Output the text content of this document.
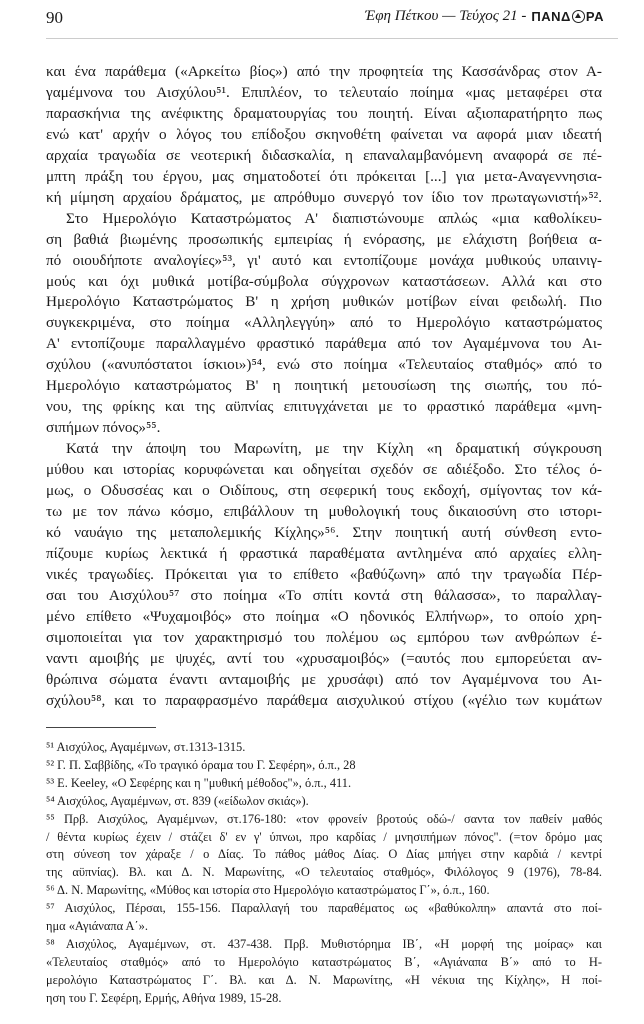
90	Έφη Πέτκου — Τεύχος 21 - ΠΑΝΔ ΡΑ
και ένα παράθεμα («Αρκείτω βίος») από την προφητεία της Κασσάνδρας στον Α-
γαμέμνονα του Αισχύλου⁵¹. Επιπλέον, το τελευταίο ποίημα «μας μεταφέρει στα
παρασκήνια της ανέφικτης δραματουργίας του ποιητή. Είναι αξιοπαρατήρητο πως
ενώ κατ' αρχήν ο λόγος του επίδοξου σκηνοθέτη φαίνεται να αφορά μιαν ιδεατή
αρχαία τραγωδία σε νεοτερική διδασκαλία, η επαναλαμβανόμενη αναφορά σε πέ-
μπτη πράξη του έργου, μας σηματοδοτεί ότι πρόκειται [...] για μετα-Αναγεννησια-
κή μίμηση αρχαίου δράματος, με απρόθυμο συνεργό τον ίδιο τον πρωταγωνιστή»⁵².
Στο Ημερολόγιο Καταστρώματος Α' διαπιστώνουμε απλώς «μια καθολίκευ-
ση βαθιά βιωμένης προσωπικής εμπειρίας ή ενόρασης, με ελάχιστη βοήθεια α-
πό οιουδήποτε αναλογίες»⁵³, γι' αυτό και εντοπίζουμε μονάχα μυθικούς υπαινιγ-
μούς και όχι μυθικά μοτίβα-σύμβολα σύγχρονων καταστάσεων. Αλλά και στο
Ημερολόγιο Καταστρώματος Β' η χρήση μυθικών μοτίβων είναι φειδωλή. Πιο
συγκεκριμένα, στο ποίημα «Αλληλεγγύη» από το Ημερολόγιο καταστρώματος
Α' εντοπίζουμε παραλλαγμένο φραστικό παράθεμα από τον Αγαμέμνονα του Αι-
σχύλου («ανυπόστατοι ίσκιοι»)⁵⁴, ενώ στο ποίημα «Τελευταίος σταθμός» από το
Ημερολόγιο καταστρώματος Β' η ποιητική μετουσίωση της σιωπής, του πό-
νου, της φρίκης και της αϋπνίας επιτυγχάνεται με το φραστικό παράθεμα «μνη-
σιπήμων πόνος»⁵⁵.
Κατά την άποψη του Μαρωνίτη, με την Κίχλη «η δραματική σύγκρουση
μύθου και ιστορίας κορυφώνεται και οδηγείται σχεδόν σε αδιέξοδο. Στο τέλος ό-
μως, ο Οδυσσέας και ο Οιδίπους, στη σεφερική τους εκδοχή, σμίγοντας τον κά-
τω με τον πάνω κόσμο, επιβάλλουν τη μυθολογική τους δικαιοσύνη στο ιστορι-
κό ναυάγιο της μεταπολεμικής Κίχλης»⁵⁶. Στην ποιητική αυτή σύνθεση εντο-
πίζουμε κυρίως λεκτικά ή φραστικά παραθέματα αντλημένα από αρχαίες ελλη-
νικές τραγωδίες. Πρόκειται για το επίθετο «βαθύζωνη» από την τραγωδία Πέρ-
σαι του Αισχύλου⁵⁷ στο ποίημα «Το σπίτι κοντά στη θάλασσα», το παραλλαγ-
μένο επίθετο «Ψυχαμοιβός» στο ποίημα «Ο ηδονικός Ελπήνωρ», το οποίο χρη-
σιμοποιείται για τον χαρακτηρισμό του πολέμου ως εμπόρου των ανθρώπων έ-
ναντι αμοιβής με ψυχές, αντί του «χρυσαμοιβός» (=αυτός που εμπορεύεται αν-
θρώπινα σώματα έναντι ανταμοιβής με χρυσάφι) από τον Αγαμέμνονα του Αι-
σχύλου⁵⁸, και το παραφρασμένο παράθεμα αισχυλικού στίχου («γέλιο των κυμάτων
⁵¹ Αισχύλος, Αγαμέμνων, στ.1313-1315.
⁵² Γ. Π. Σαββίδης, «Το τραγικό όραμα του Γ. Σεφέρη», ό.π., 28
⁵³ E. Keeley, «Ο Σεφέρης και η "μυθική μέθοδος"», ό.π., 411.
⁵⁴ Αισχύλος, Αγαμέμνων, στ. 839 («είδωλον σκιάς»).
⁵⁵ Πρβ. Αισχύλος, Αγαμέμνων, στ.176-180: «τον φρονείν βροτούς οδώ-/ σαντα τον παθείν μαθός
/ θέντα κυρίως έχειν / στάζει δ' εν γ' ύπνωι, προ καρδίας / μνησιπήμων πόνος". (=τον δρόμο μας
στη σύνεση τον χάραξε / ο Δίας. Το πάθος μάθος Δίας. Ο Δίας μπήγει στην καρδιά / κεντρί
της αϋπνίας). Βλ. και Δ. Ν. Μαρωνίτης, «Ο τελευταίος σταθμός», Φιλόλογος 9 (1976), 78-84.
⁵⁶ Δ. Ν. Μαρωνίτης, «Μύθος και ιστορία στο Ημερολόγιο καταστρώματος Γ΄», ό.π., 160.
⁵⁷ Αισχύλος, Πέρσαι, 155-156. Παραλλαγή του παραθέματος ως «βαθύκολπη» απαντά στο ποί-
ημα «Αγιάναπα Α΄».
⁵⁸ Αισχύλος, Αγαμέμνων, στ. 437-438. Πρβ. Μυθιστόρημα ΙΒ΄, «Η μορφή της μοίρας» και
«Τελευταίος σταθμός» από το Ημερολόγιο καταστρώματος Β΄, «Αγιάναπα Β΄» από το Η-
μερολόγιο Καταστρώματος Γ΄. Βλ. και Δ. Ν. Μαρωνίτης, «Η νέκυια της Κίχλης», Η ποί-
ηση του Γ. Σεφέρη, Ερμής, Αθήνα 1989, 15-28.
